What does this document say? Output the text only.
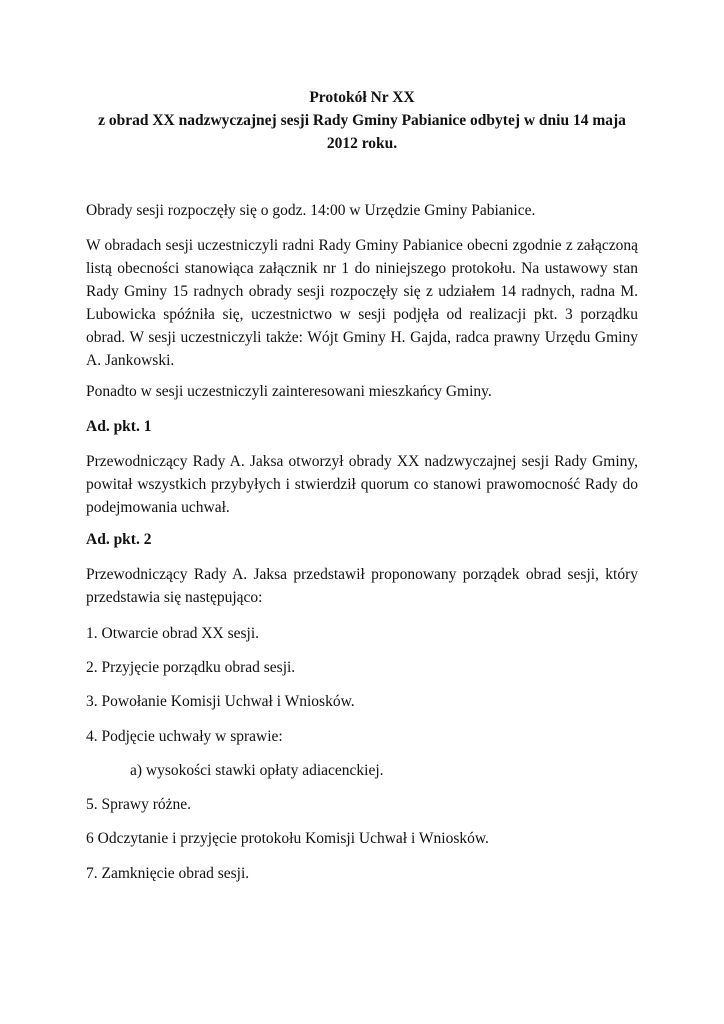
Protokół Nr XX
z obrad XX nadzwyczajnej sesji Rady Gminy Pabianice odbytej w dniu 14 maja
2012 roku.

Obrady sesji rozpoczęły się o godz. 14:00 w Urzędzie Gminy Pabianice.

W obradach sesji uczestniczyli radni Rady Gminy Pabianice obecni zgodnie z załączoną listą obecności stanowiąca załącznik nr 1 do niniejszego protokołu. Na ustawowy stan Rady Gminy 15 radnych obrady sesji rozpoczęły się z udziałem 14 radnych, radna M. Lubowicka spóźniła się, uczestnictwo w sesji podjęła od realizacji pkt. 3 porządku obrad. W sesji uczestniczyli także: Wójt Gminy H. Gajda, radca prawny Urzędu Gminy A. Jankowski.

Ponadto w sesji uczestniczyli zainteresowani mieszkańcy Gminy.

Ad. pkt. 1

Przewodniczący Rady A. Jaksa otworzył obrady XX nadzwyczajnej sesji Rady Gminy, powitał wszystkich przybyłych i stwierdził quorum co stanowi prawomocność Rady do podejmowania uchwał.

Ad. pkt. 2

Przewodniczący Rady A. Jaksa przedstawił proponowany porządek obrad sesji, który przedstawia się następująco:

1. Otwarcie obrad XX sesji.

2. Przyjęcie porządku obrad sesji.

3. Powołanie Komisji Uchwał i Wniosków.

4. Podjęcie uchwały w sprawie:

a) wysokości stawki opłaty adiacenckiej.

5. Sprawy różne.

6 Odczytanie i przyjęcie protokołu Komisji Uchwał i Wniosków.

7. Zamknięcie obrad sesji.
